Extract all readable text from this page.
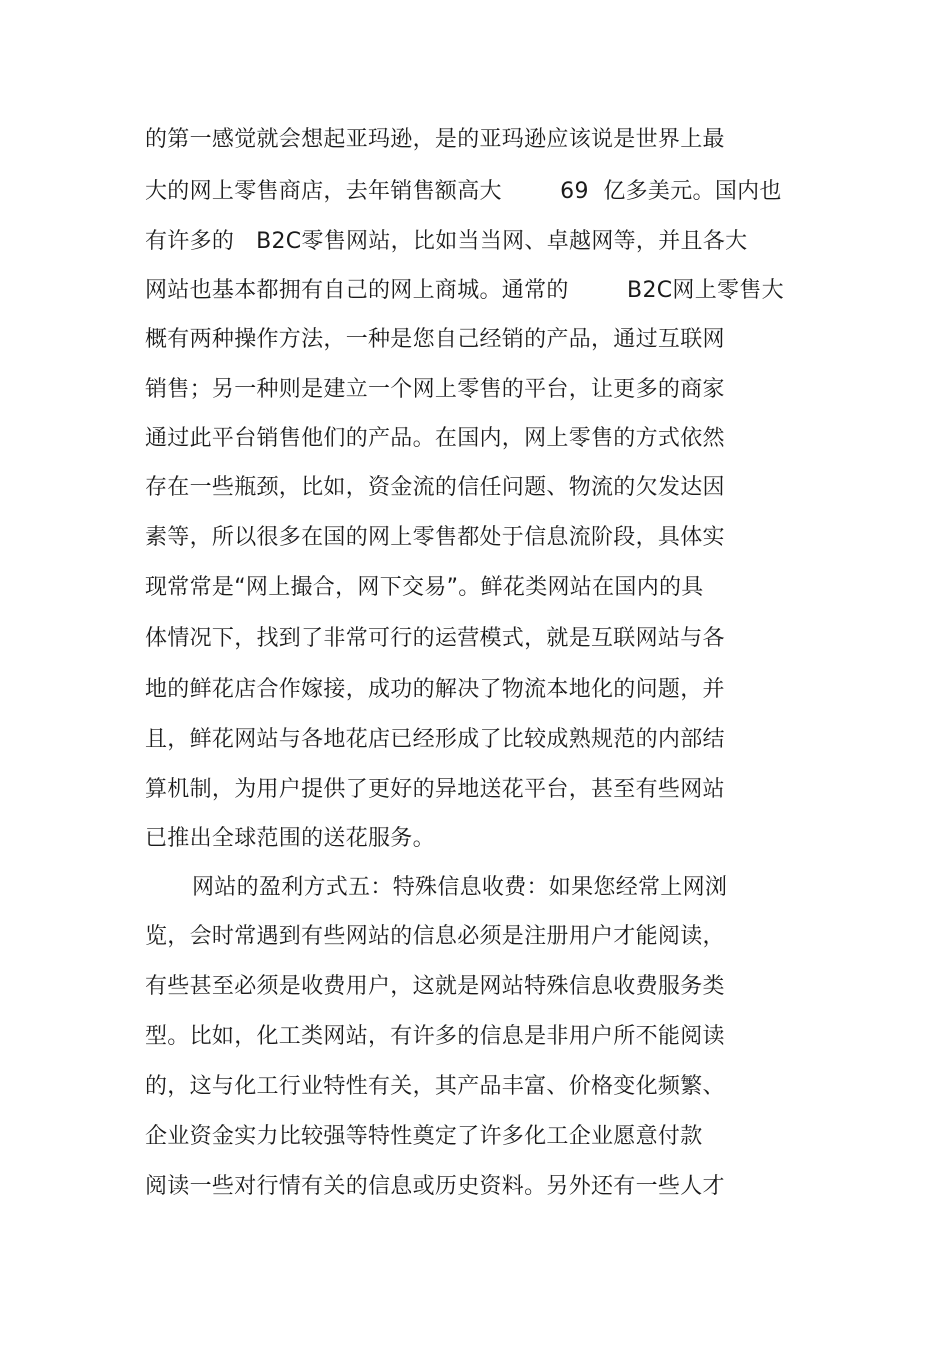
的第一感觉就会想起亚玛逊，是的亚玛逊应该说是世界上最
大的网上零售商店，去年销售额高大        69  亿多美元。国内也
有许多的   B2C零售网站，比如当当网、卓越网等，并且各大
网站也基本都拥有自己的网上商城。通常的        B2C网上零售大
概有两种操作方法，一种是您自己经销的产品，通过互联网
销售；另一种则是建立一个网上零售的平台，让更多的商家
通过此平台销售他们的产品。在国内，网上零售的方式依然
存在一些瓶颈，比如，资金流的信任问题、物流的欠发达因
素等，所以很多在国的网上零售都处于信息流阶段，具体实
现常常是“网上撮合，网下交易”。鲜花类网站在国内的具
体情况下，找到了非常可行的运营模式，就是互联网站与各
地的鲜花店合作嫁接，成功的解决了物流本地化的问题，并
且，鲜花网站与各地花店已经形成了比较成熟规范的内部结
算机制，为用户提供了更好的异地送花平台，甚至有些网站
已推出全球范围的送花服务。
网站的盈利方式五：特殊信息收费：如果您经常上网浏
览，会时常遇到有些网站的信息必须是注册用户才能阅读，
有些甚至必须是收费用户，这就是网站特殊信息收费服务类
型。比如，化工类网站，有许多的信息是非用户所不能阅读
的，这与化工行业特性有关，其产品丰富、价格变化频繁、
企业资金实力比较强等特性奠定了许多化工企业愿意付款
阅读一些对行情有关的信息或历史资料。另外还有一些人才
